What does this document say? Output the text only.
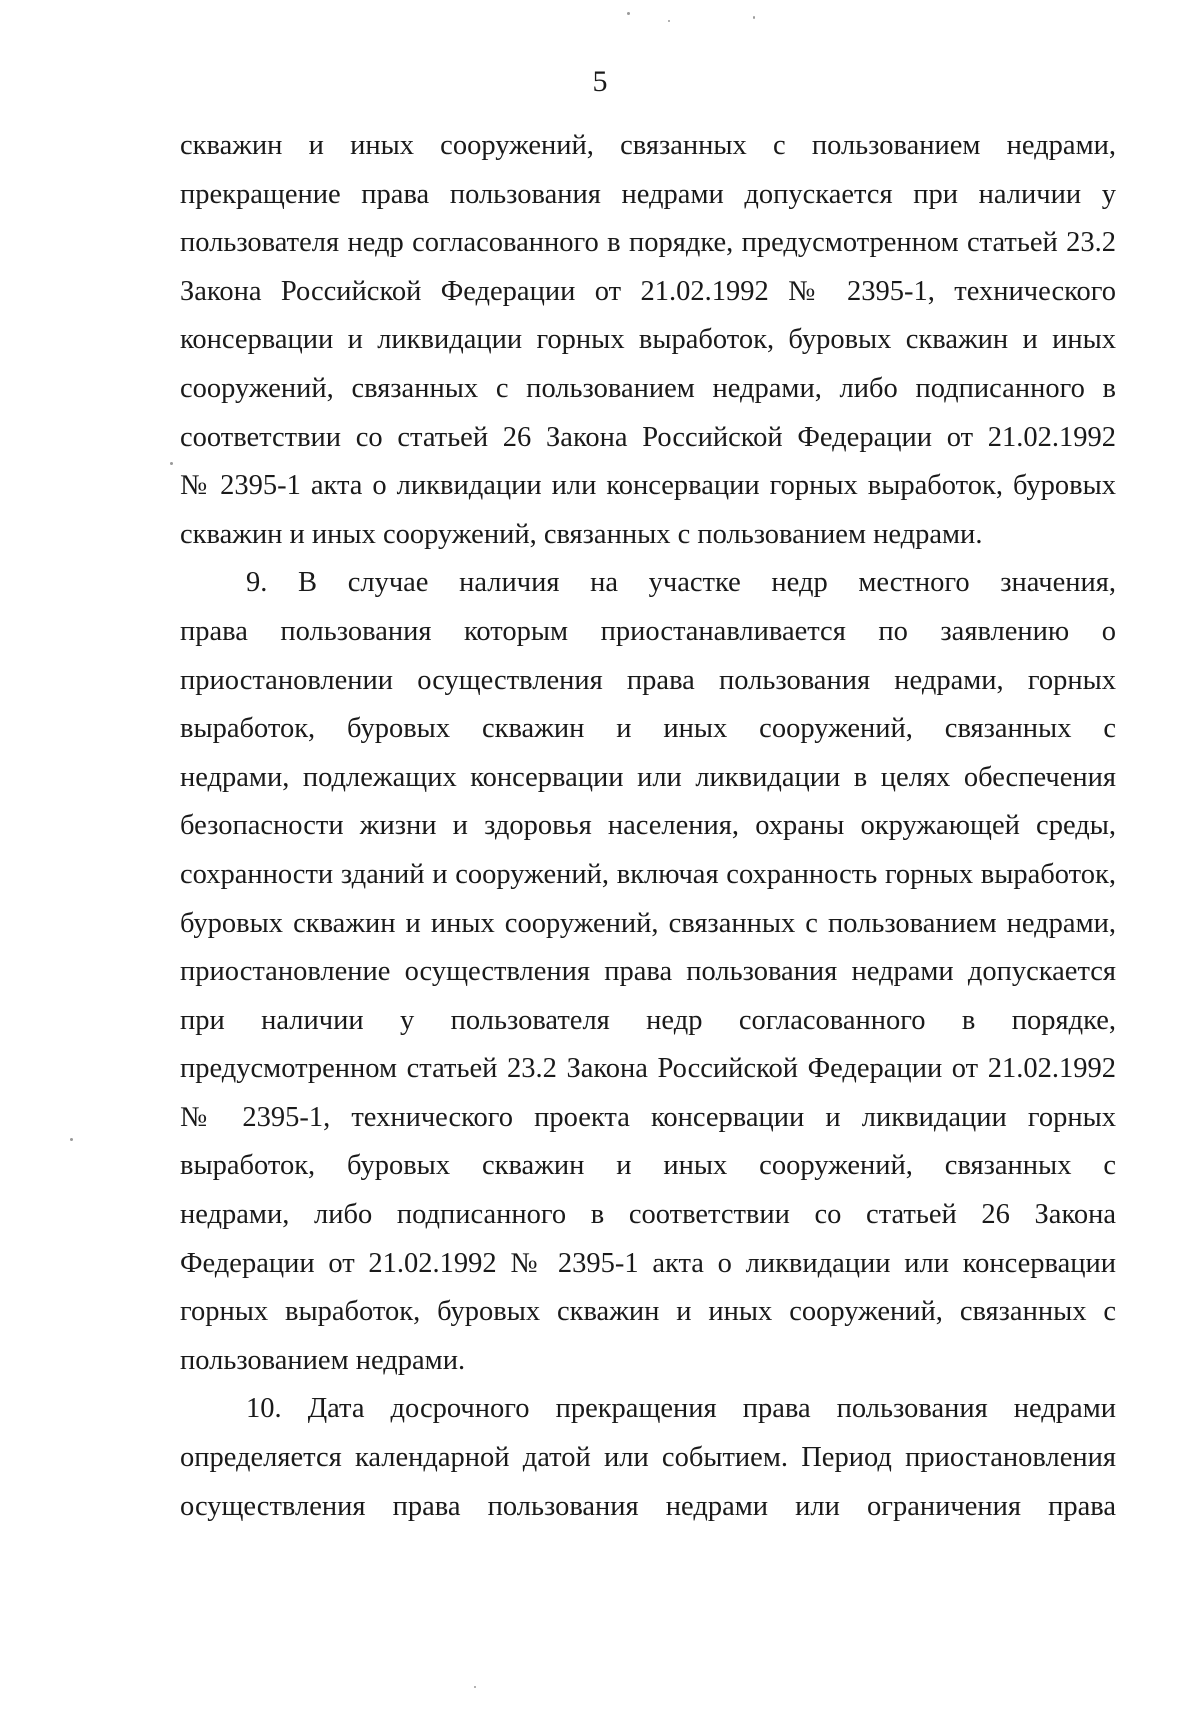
5
скважин и иных сооружений, связанных с пользованием недрами,
прекращение права пользования недрами допускается при наличии у
пользователя недр согласованного в порядке, предусмотренном статьей 23.2
Закона Российской Федерации от 21.02.1992 № 2395-1, технического
консервации и ликвидации горных выработок, буровых скважин и иных
сооружений, связанных с пользованием недрами, либо подписанного в
соответствии со статьей 26 Закона Российской Федерации от 21.02.1992
№ 2395-1 акта о ликвидации или консервации горных выработок, буровых
скважин и иных сооружений, связанных с пользованием недрами.
9. В случае наличия на участке недр местного значения,
права пользования которым приостанавливается по заявлению о
приостановлении осуществления права пользования недрами, горных
выработок, буровых скважин и иных сооружений, связанных с
недрами, подлежащих консервации или ликвидации в целях обеспечения
безопасности жизни и здоровья населения, охраны окружающей среды,
сохранности зданий и сооружений, включая сохранность горных выработок,
буровых скважин и иных сооружений, связанных с пользованием недрами,
приостановление осуществления права пользования недрами допускается
при наличии у пользователя недр согласованного в порядке,
предусмотренном статьей 23.2 Закона Российской Федерации от 21.02.1992
№ 2395-1, технического проекта консервации и ликвидации горных
выработок, буровых скважин и иных сооружений, связанных с
недрами, либо подписанного в соответствии со статьей 26 Закона
Федерации от 21.02.1992 № 2395-1 акта о ликвидации или консервации
горных выработок, буровых скважин и иных сооружений, связанных с
пользованием недрами.
10. Дата досрочного прекращения права пользования недрами
определяется календарной датой или событием. Период приостановления
осуществления права пользования недрами или ограничения права
